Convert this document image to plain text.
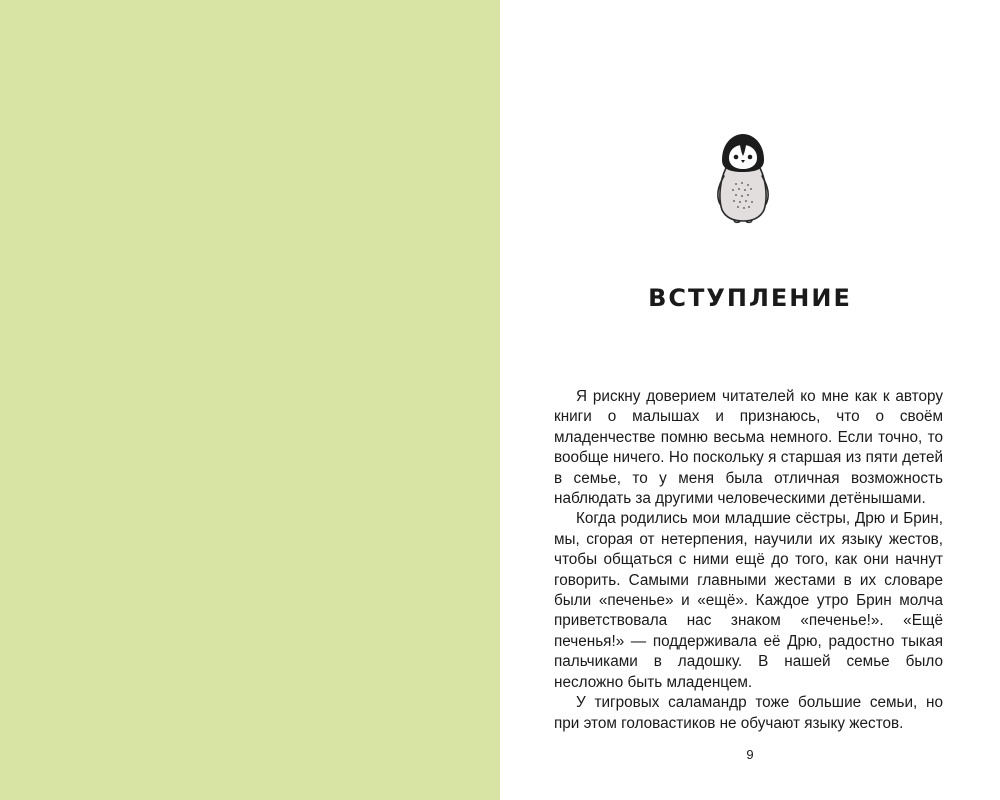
ВСТУПЛЕНИЕ

Я рискну доверием читателей ко мне как к автору книги о малышах и признаюсь, что о своём младенчестве помню весьма немного. Если точно, то вообще ничего. Но поскольку я старшая из пяти детей в семье, то у меня была отличная возможность наблюдать за другими человеческими детёнышами.

Когда родились мои младшие сёстры, Дрю и Брин, мы, сгорая от нетерпения, научили их языку жестов, чтобы общаться с ними ещё до того, как они начнут говорить. Самыми главными жестами в их словаре были «печенье» и «ещё». Каждое утро Брин молча приветствовала нас знаком «печенье!». «Ещё печенья!» — поддерживала её Дрю, радостно тыкая пальчиками в ладошку. В нашей семье было несложно быть младенцем.

У тигровых саламандр тоже большие семьи, но при этом головастиков не обучают языку жестов.

9
